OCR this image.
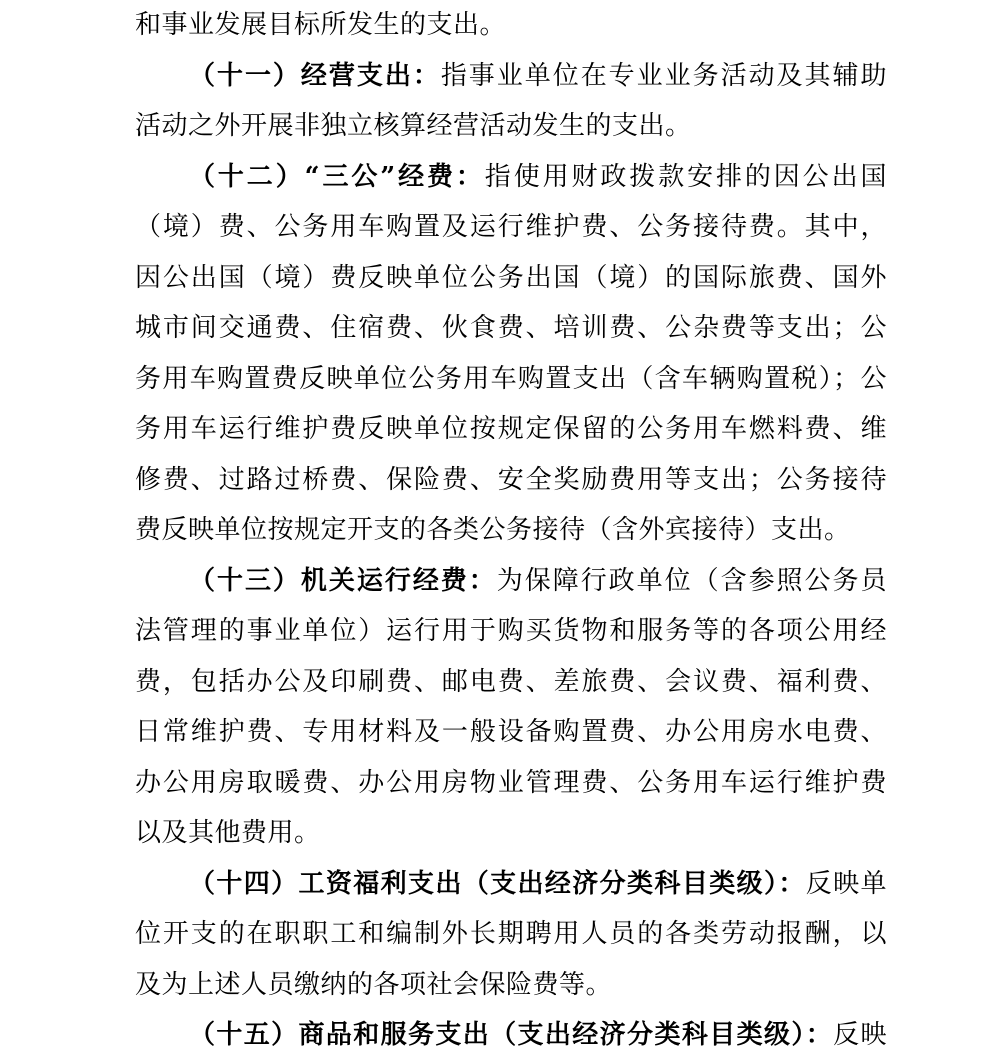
和事业发展目标所发生的支出。

（十一）经营支出：指事业单位在专业业务活动及其辅助

活动之外开展非独立核算经营活动发生的支出。

（十二）“三公”经费：指使用财政拨款安排的因公出国

（境）费、公务用车购置及运行维护费、公务接待费。其中，

因公出国（境）费反映单位公务出国（境）的国际旅费、国外

城市间交通费、住宿费、伙食费、培训费、公杂费等支出；公

务用车购置费反映单位公务用车购置支出（含车辆购置税）；公

务用车运行维护费反映单位按规定保留的公务用车燃料费、维

修费、过路过桥费、保险费、安全奖励费用等支出；公务接待

费反映单位按规定开支的各类公务接待（含外宾接待）支出。

（十三）机关运行经费：为保障行政单位（含参照公务员

法管理的事业单位）运行用于购买货物和服务等的各项公用经

费，包括办公及印刷费、邮电费、差旅费、会议费、福利费、

日常维护费、专用材料及一般设备购置费、办公用房水电费、

办公用房取暖费、办公用房物业管理费、公务用车运行维护费

以及其他费用。

（十四）工资福利支出（支出经济分类科目类级）：反映单

位开支的在职职工和编制外长期聘用人员的各类劳动报酬，以

及为上述人员缴纳的各项社会保险费等。

（十五）商品和服务支出（支出经济分类科目类级）：反映
